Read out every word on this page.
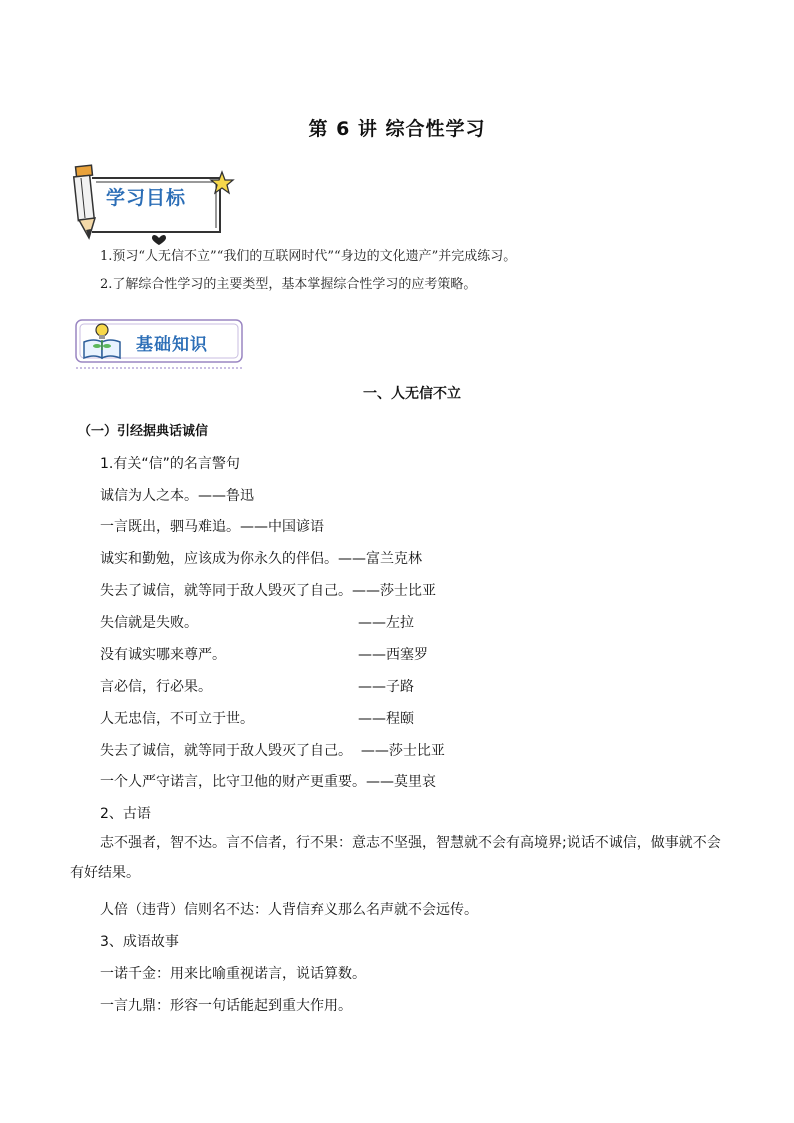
第 6 讲 综合性学习
学习目标
1.预习“人无信不立”“我们的互联网时代”“身边的文化遗产”并完成练习。
2.了解综合性学习的主要类型，基本掌握综合性学习的应考策略。
基础知识
一、人无信不立
（一）引经据典话诚信
1.有关“信”的名言警句
诚信为人之本。——鲁迅
一言既出，驷马难追。——中国谚语
诚实和勤勉，应该成为你永久的伴侣。——富兰克林
失去了诚信，就等同于敌人毁灭了自己。——莎士比亚
失信就是失败。	——左拉
没有诚实哪来尊严。	——西塞罗
言必信，行必果。	——子路
人无忠信，不可立于世。	——程颐
失去了诚信，就等同于敌人毁灭了自己。  ——莎士比亚
一个人严守诺言，比守卫他的财产更重要。——莫里哀
2、古语
志不强者，智不达。言不信者，行不果：意志不坚强，智慧就不会有高境界;说话不诚信，做事就不会有好结果。
人倍（违背）信则名不达：人背信弃义那么名声就不会远传。
3、成语故事
一诺千金：用来比喻重视诺言，说话算数。
一言九鼎：形容一句话能起到重大作用。
